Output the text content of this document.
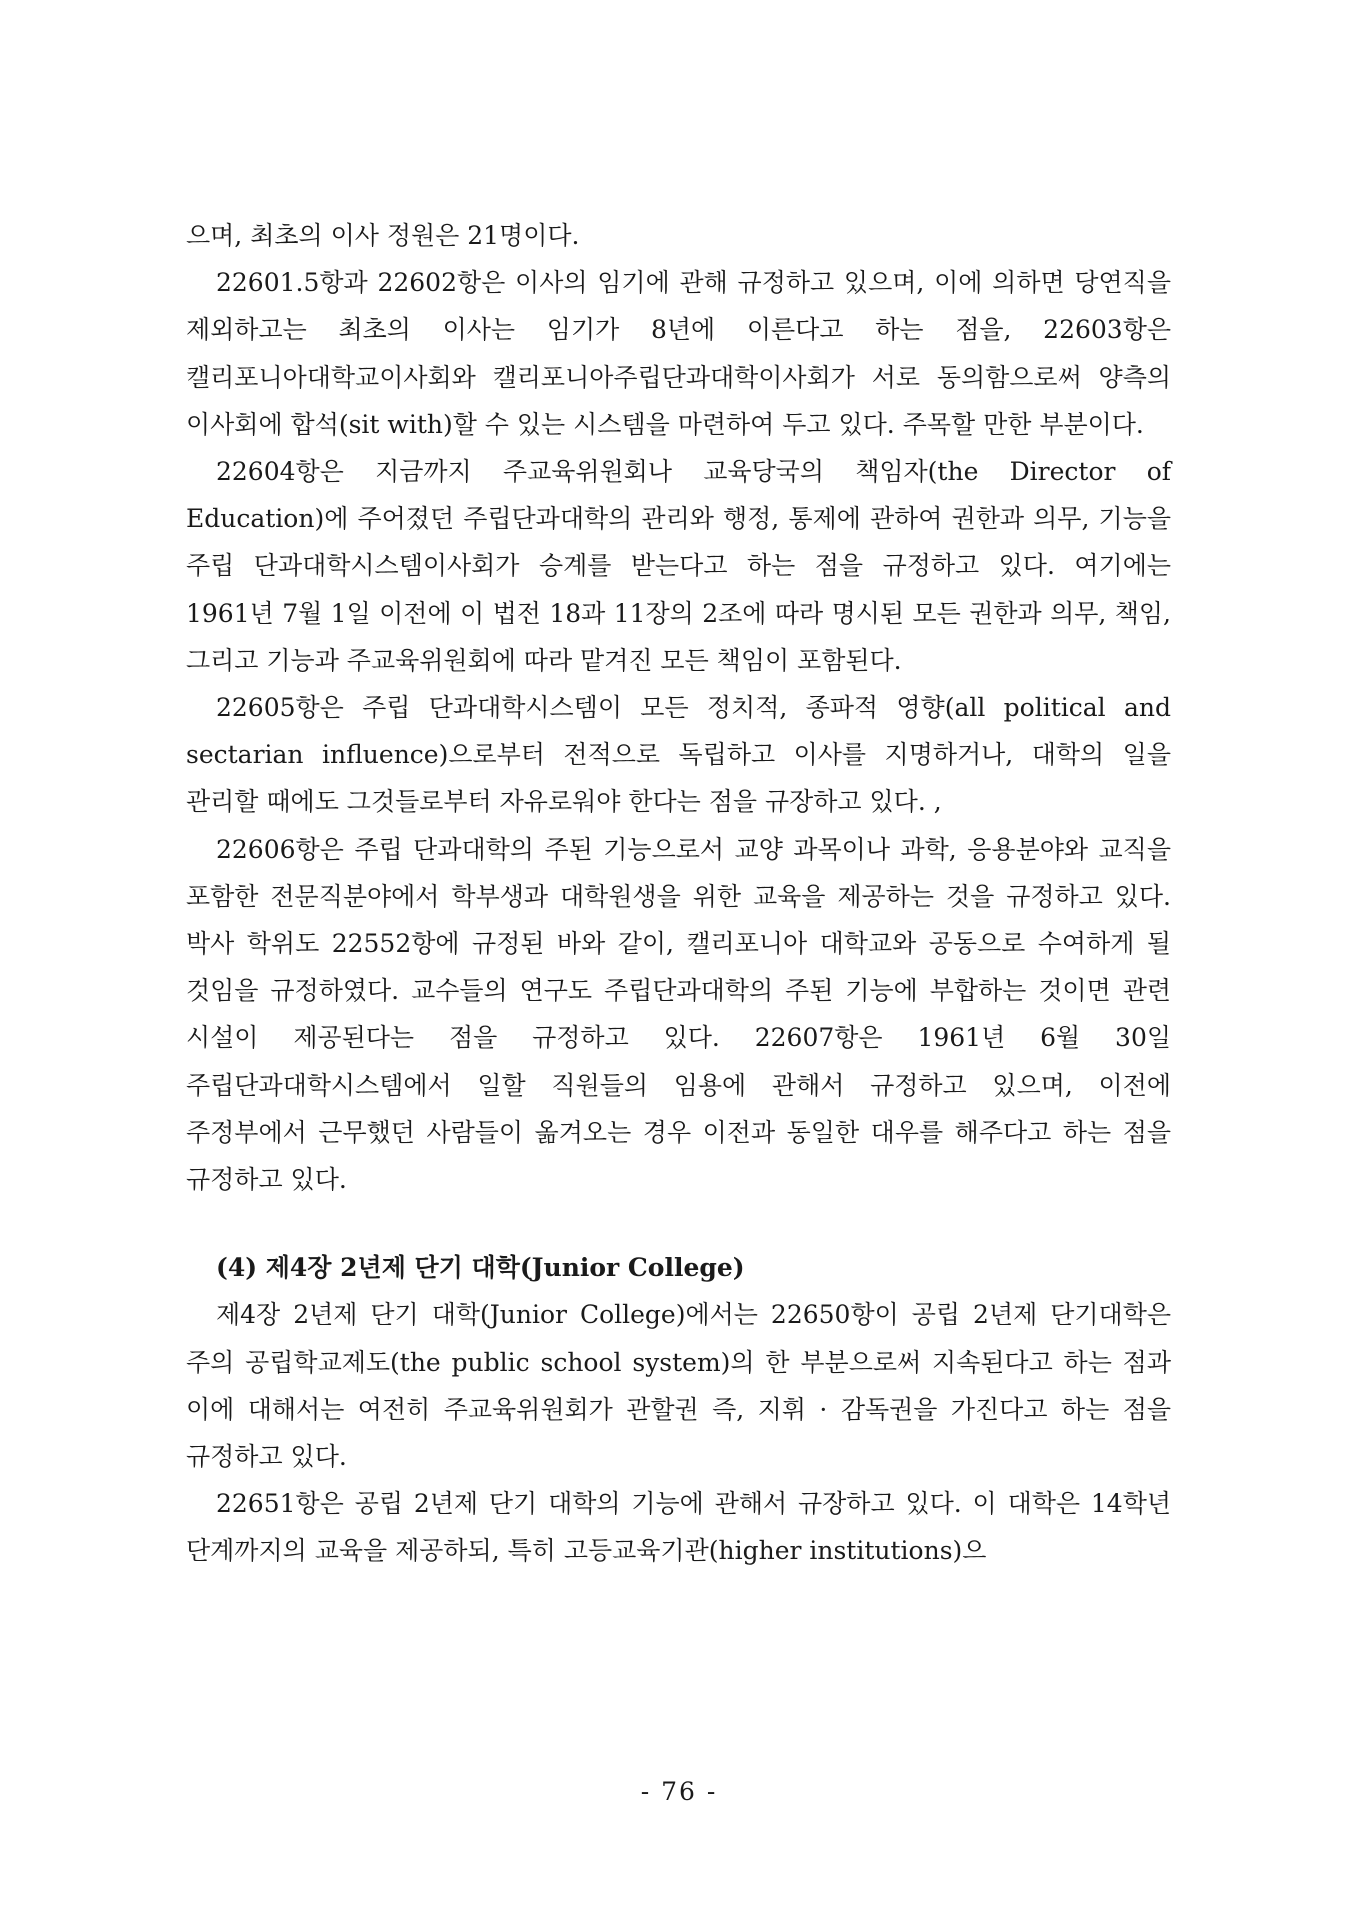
으며, 최초의 이사 정원은 21명이다.

22601.5항과 22602항은 이사의 임기에 관해 규정하고 있으며, 이에 의하면 당연직을 제외하고는 최초의 이사는 임기가 8년에 이른다고 하는 점을, 22603항은 캘리포니아대학교이사회와 캘리포니아주립단과대학이사회가 서로 동의함으로써 양측의 이사회에 합석(sit with)할 수 있는 시스템을 마련하여 두고 있다. 주목할 만한 부분이다.

22604항은 지금까지 주교육위원회나 교육당국의 책임자(the Director of Education)에 주어졌던 주립단과대학의 관리와 행정, 통제에 관하여 권한과 의무, 기능을 주립 단과대학시스템이사회가 승계를 받는다고 하는 점을 규정하고 있다. 여기에는 1961년 7월 1일 이전에 이 법전 18과 11장의 2조에 따라 명시된 모든 권한과 의무, 책임, 그리고 기능과 주교육위원회에 따라 맡겨진 모든 책임이 포함된다.

22605항은 주립 단과대학시스템이 모든 정치적, 종파적 영향(all political and sectarian influence)으로부터 전적으로 독립하고 이사를 지명하거나, 대학의 일을 관리할 때에도 그것들로부터 자유로워야 한다는 점을 규장하고 있다. ,

22606항은 주립 단과대학의 주된 기능으로서 교양 과목이나 과학, 응용분야와 교직을 포함한 전문직분야에서 학부생과 대학원생을 위한 교육을 제공하는 것을 규정하고 있다. 박사 학위도 22552항에 규정된 바와 같이, 캘리포니아 대학교와 공동으로 수여하게 될 것임을 규정하였다. 교수들의 연구도 주립단과대학의 주된 기능에 부합하는 것이면 관련 시설이 제공된다는 점을 규정하고 있다. 22607항은 1961년 6월 30일 주립단과대학시스템에서 일할 직원들의 임용에 관해서 규정하고 있으며, 이전에 주정부에서 근무했던 사람들이 옮겨오는 경우 이전과 동일한 대우를 해주다고 하는 점을 규정하고 있다.

(4) 제4장 2년제 단기 대학(Junior College)

제4장 2년제 단기 대학(Junior College)에서는 22650항이 공립 2년제 단기대학은 주의 공립학교제도(the public school system)의 한 부분으로써 지속된다고 하는 점과 이에 대해서는 여전히 주교육위원회가 관할권 즉, 지휘 · 감독권을 가진다고 하는 점을 규정하고 있다.

22651항은 공립 2년제 단기 대학의 기능에 관해서 규장하고 있다. 이 대학은 14학년 단계까지의 교육을 제공하되, 특히 고등교육기관(higher institutions)으

- 76 -
